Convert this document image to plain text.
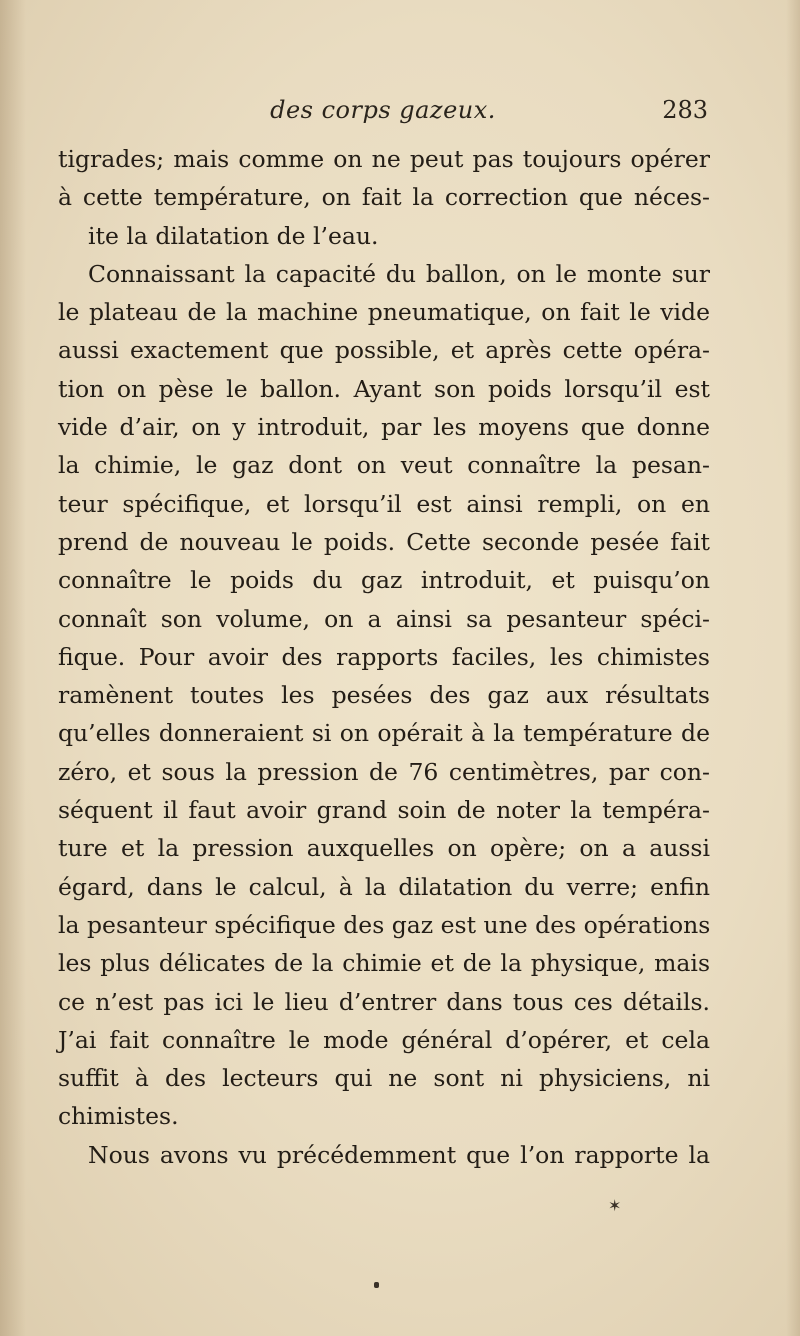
des corps gazeux.	283
tigrades; mais comme on ne peut pas toujours opérer
à cette température, on fait la correction que néces-
ite la dilatation de l’eau.
Connaissant la capacité du ballon, on le monte sur
le plateau de la machine pneumatique, on fait le vide
aussi exactement que possible, et après cette opéra-
tion on pèse le ballon. Ayant son poids lorsqu’il est
vide d’air, on y introduit, par les moyens que donne
la chimie, le gaz dont on veut connaître la pesan-
teur spécifique, et lorsqu’il est ainsi rempli, on en
prend de nouveau le poids. Cette seconde pesée fait
connaître le poids du gaz introduit, et puisqu’on
connaît son volume, on a ainsi sa pesanteur spéci-
fique. Pour avoir des rapports faciles, les chimistes
ramènent toutes les pesées des gaz aux résultats
qu’elles donneraient si on opérait à la température de
zéro, et sous la pression de 76 centimètres, par con-
séquent il faut avoir grand soin de noter la tempéra-
ture et la pression auxquelles on opère; on a aussi
égard, dans le calcul, à la dilatation du verre; enfin
la pesanteur spécifique des gaz est une des opérations
les plus délicates de la chimie et de la physique, mais
ce n’est pas ici le lieu d’entrer dans tous ces détails.
J’ai fait connaître le mode général d’opérer, et cela
suffit à des lecteurs qui ne sont ni physiciens, ni
chimistes.
Nous avons vu précédemment que l’on rapporte la
✶
